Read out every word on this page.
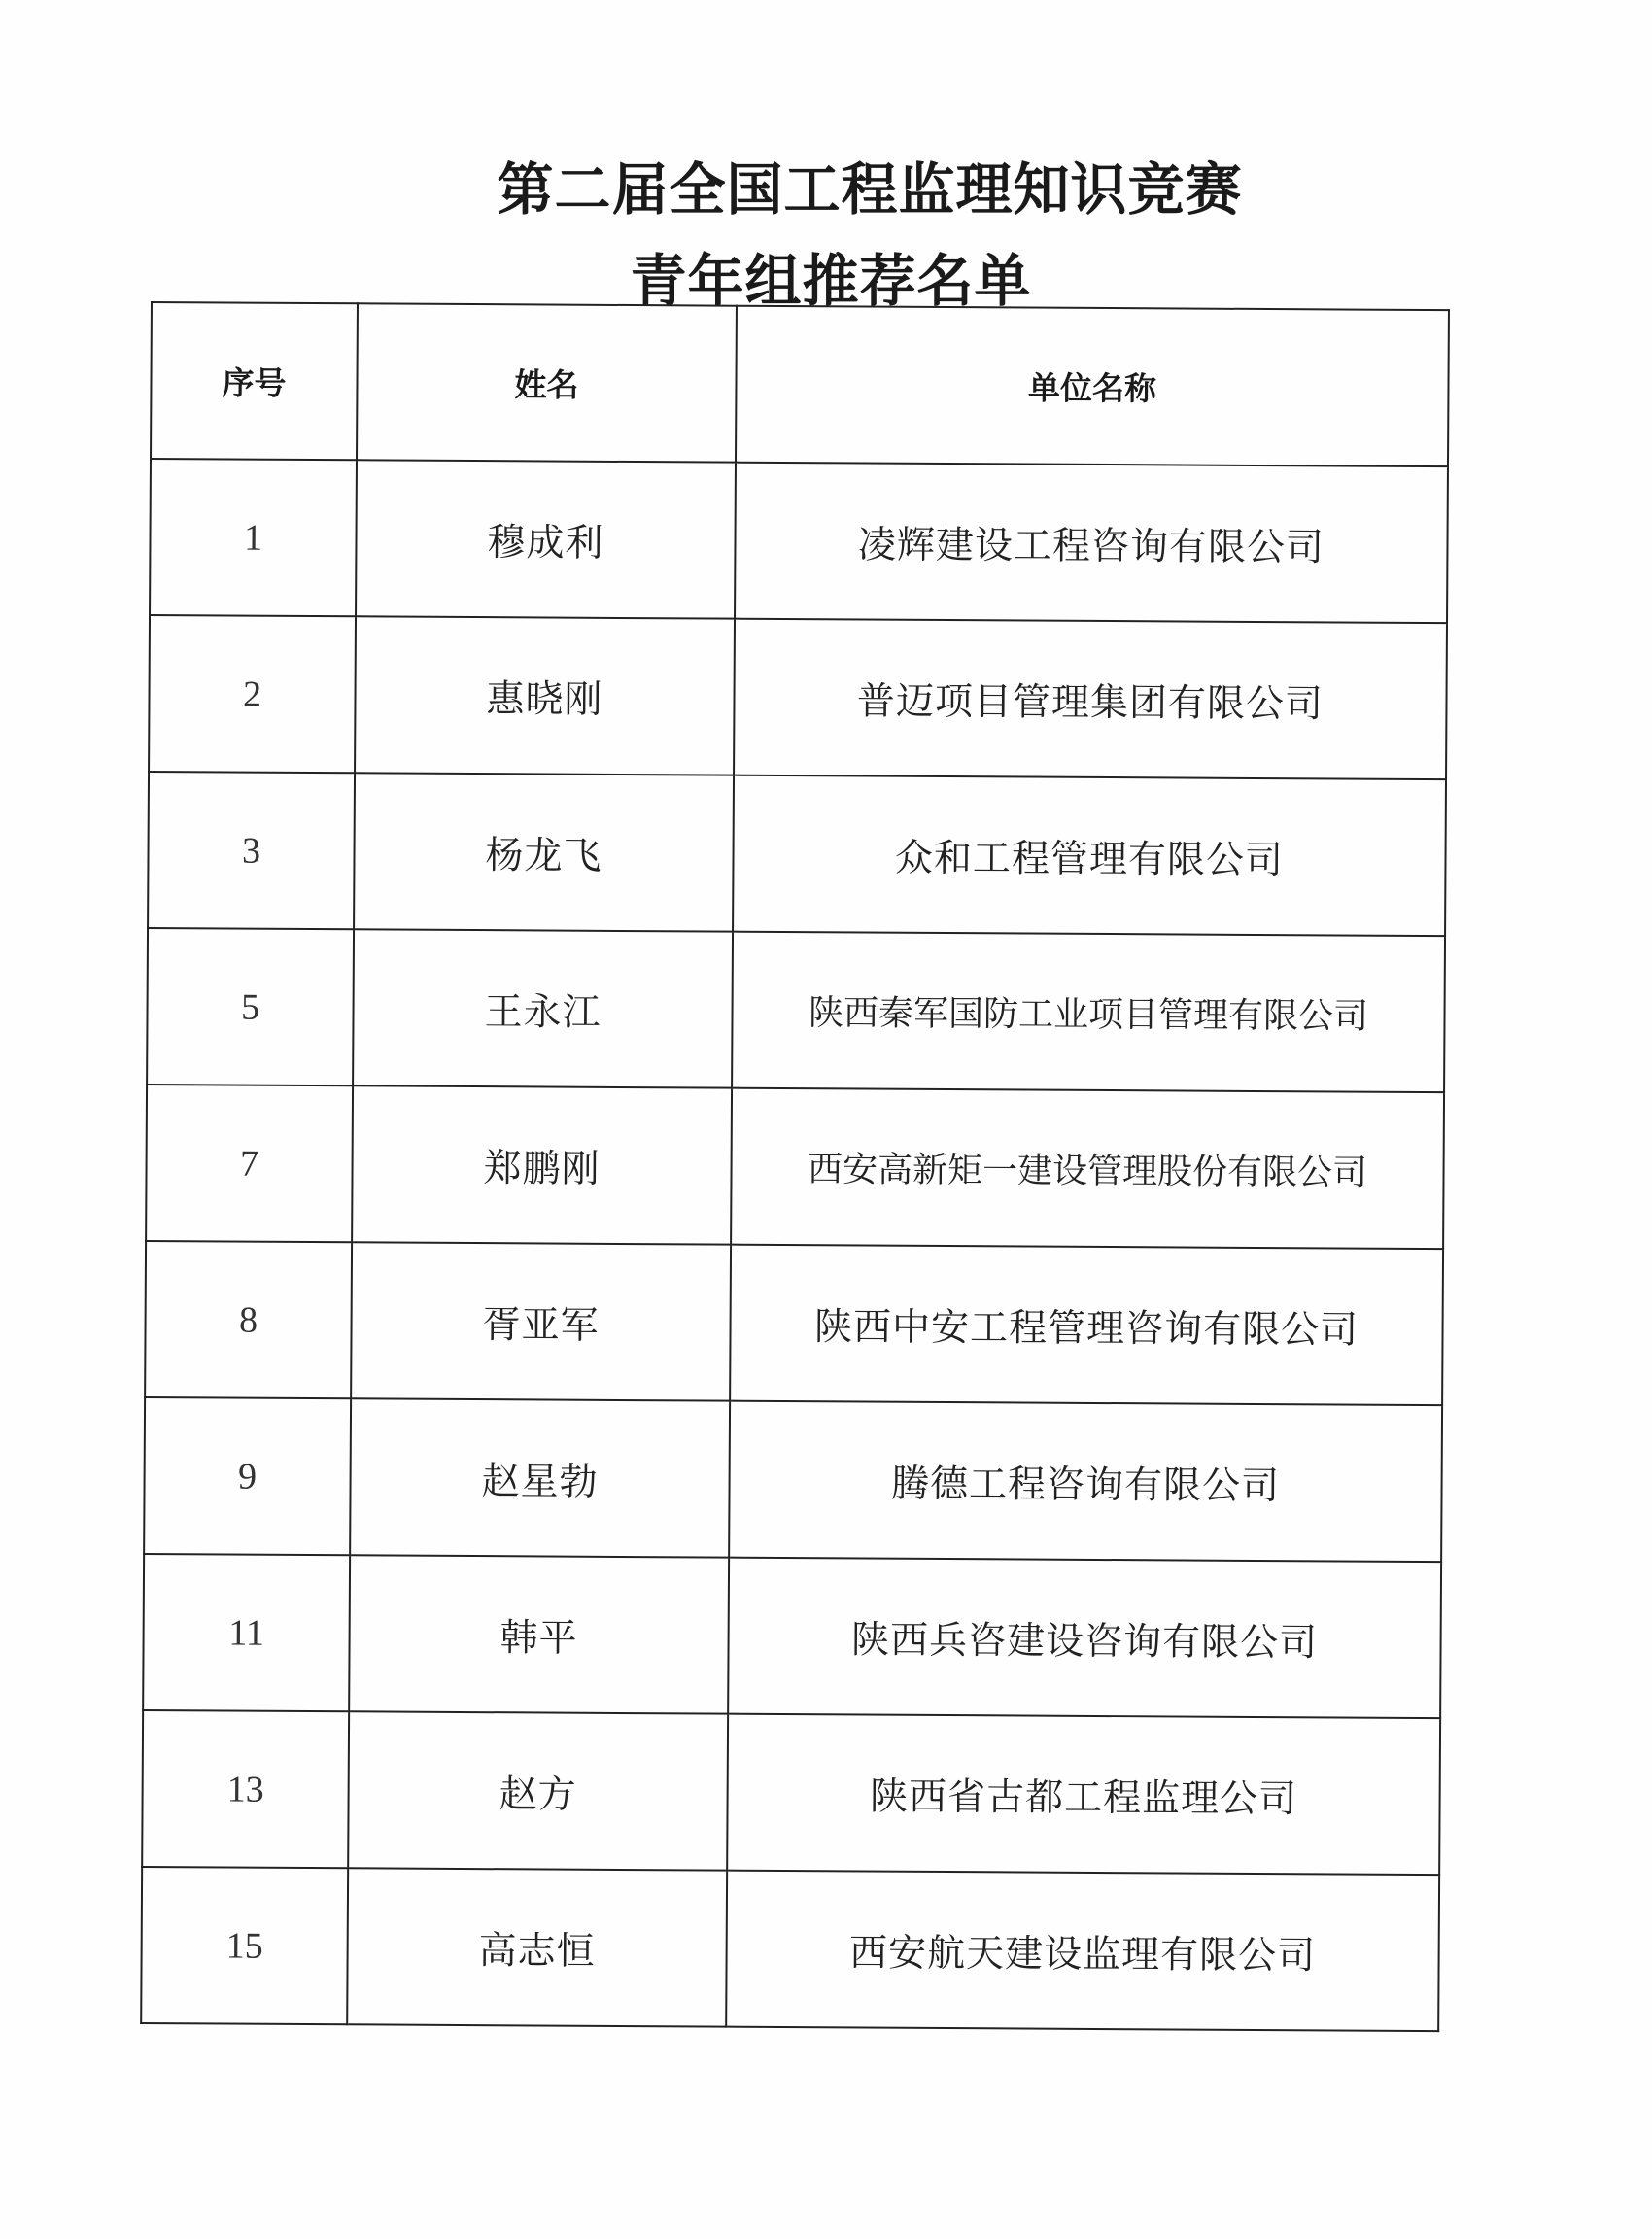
第二届全国工程监理知识竞赛
青年组推荐名单
序号	姓名	单位名称
1	穆成利	凌辉建设工程咨询有限公司
2	惠晓刚	普迈项目管理集团有限公司
3	杨龙飞	众和工程管理有限公司
5	王永江	陕西秦军国防工业项目管理有限公司
7	郑鹏刚	西安高新矩一建设管理股份有限公司
8	胥亚军	陕西中安工程管理咨询有限公司
9	赵星勃	腾德工程咨询有限公司
11	韩平	陕西兵咨建设咨询有限公司
13	赵方	陕西省古都工程监理公司
15	高志恒	西安航天建设监理有限公司
